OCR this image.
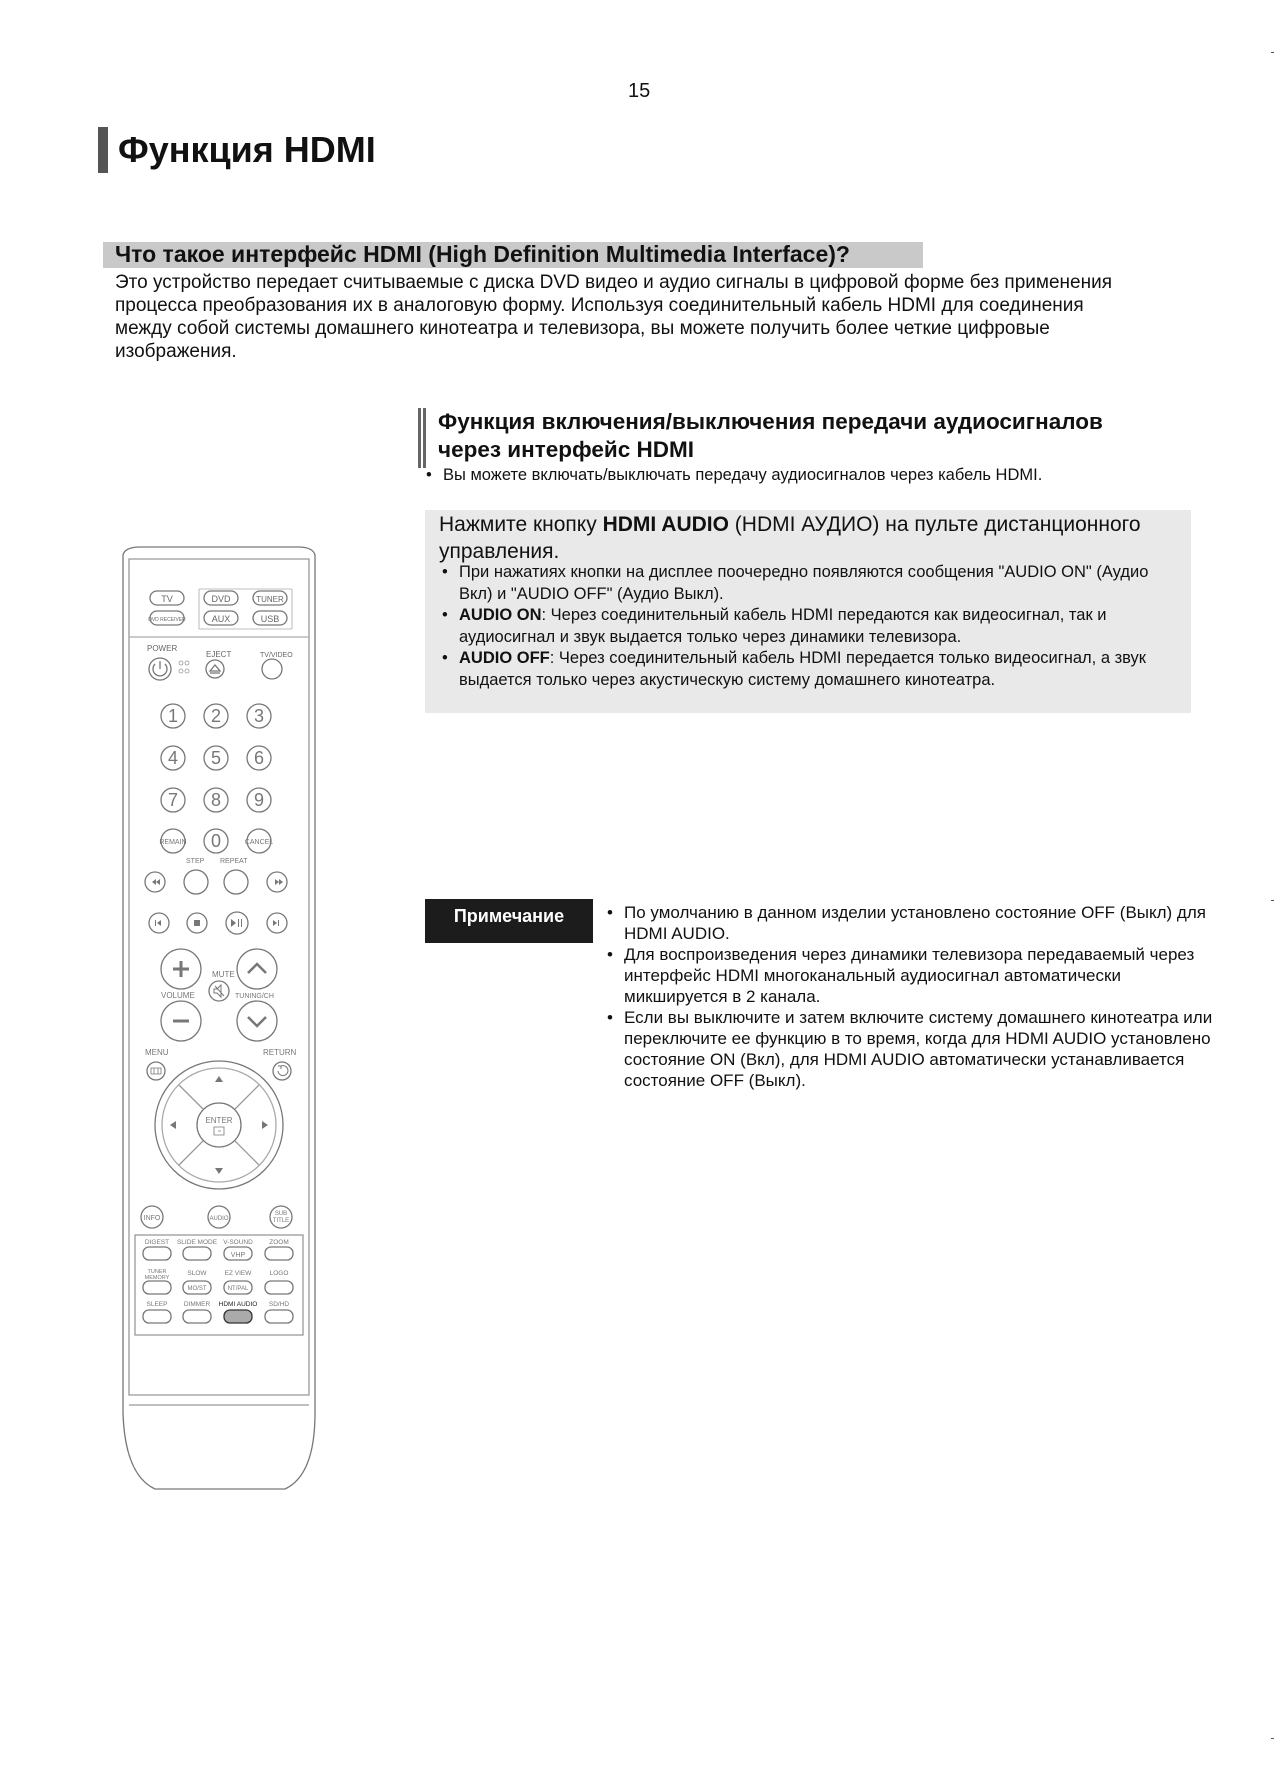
15
Функция HDMI
Что такое интерфейс HDMI (High Definition Multimedia Interface)?
Это устройство передает считываемые с диска DVD видео и аудио сигналы в цифровой форме без применения
процесса преобразования их в аналоговую форму. Используя соединительный кабель HDMI для соединения
между собой системы домашнего кинотеатра и телевизора, вы можете получить более четкие цифровые
изображения.
Функция включения/выключения передачи аудиосигналов
через интерфейс HDMI
• Вы можете включать/выключать передачу аудиосигналов через кабель HDMI.
Нажмите кнопку HDMI AUDIO (HDMI АУДИО) на пульте дистанционного
управления.
• При нажатиях кнопки на дисплее поочередно появляются сообщения "AUDIO ON" (Аудио Вкл) и "AUDIO OFF" (Аудио Выкл).
• AUDIO ON: Через соединительный кабель HDMI передаются как видеосигнал, так и аудиосигнал и звук выдается только через динамики телевизора.
• AUDIO OFF: Через соединительный кабель HDMI передается только видеосигнал, а звук выдается только через акустическую систему домашнего кинотеатра.
Примечание
•	По умолчанию в данном изделии установлено состояние OFF (Выкл) для HDMI AUDIO.
• Для воспроизведения через динамики телевизора передаваемый через интерфейс HDMI многоканальный аудиосигнал автоматически микшируется в 2 канала.
• Если вы выключите и затем включите систему домашнего кинотеатра или переключите ее функцию в то время, когда для HDMI AUDIO установлено состояние ON (Вкл), для HDMI AUDIO автоматически устанавливается состояние OFF (Выкл).
TV	DVD	TUNER
DVD RECEIVER	AUX	USB
POWER
EJECT	TV/VIDEO
1 2 3
4 5 6
7 8 9
REMAIN 0	CANCEL
STEP REPEAT
MUTE
VOLUME	TUNING/CH
MENU	RETURN
ENTER
INFO	AUDIO
SUB
TITLE
DIGEST SLIDE MODE V-SOUND	ZOOM
TUNER
MEMORY
SLOW	EZ VIEW	LOGO
SLEEP	DIMMER HDMI AUDIO SD/HD
VHP
MO/ST	NT/PAL
